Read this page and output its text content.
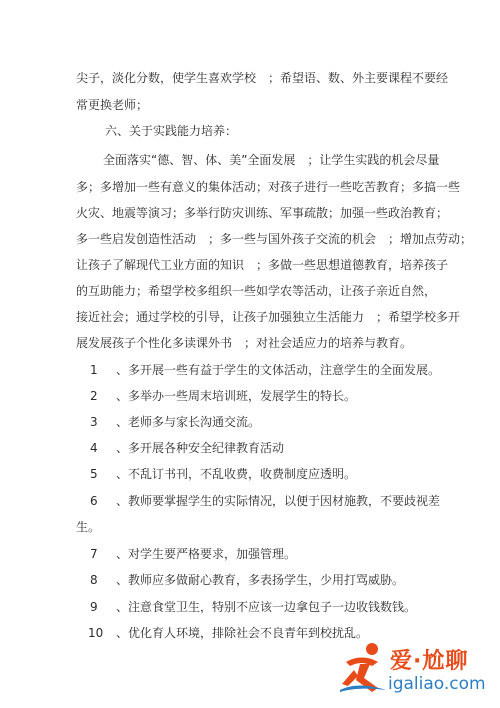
尖子，淡化分数，使学生喜欢学校　；希望语、数、外主要课程不要经
常更换老师；
六、关于实践能力培养：
全面落实“德、智、体、美”全面发展　；让学生实践的机会尽量
多；多增加一些有意义的集体活动；对孩子进行一些吃苦教育；多搞一些
火灾、地震等演习；多举行防灾训练、军事疏散；加强一些政治教育；
多一些启发创造性活动　；多一些与国外孩子交流的机会　；增加点劳动；
让孩子了解现代工业方面的知识　；多做一些思想道德教育，培养孩子
的互助能力；希望学校多组织一些如学农等活动，让孩子亲近自然，
接近社会；通过学校的引导，让孩子加强独立生活能力　；希望学校多开
展发展孩子个性化多读课外书　；对社会适应力的培养与教育。
1	、多开展一些有益于学生的文体活动，注意学生的全面发展。
2	、多举办一些周末培训班，发展学生的特长。
3	、老师多与家长沟通交流。
4	、多开展各种安全纪律教育活动
5	、不乱订书刊，不乱收费，收费制度应透明。
6	、教师要掌握学生的实际情况，以便于因材施教，不要歧视差
生。
7	、对学生要严格要求，加强管理。
8	、教师应多做耐心教育，多表扬学生，少用打骂威胁。
9	、注意食堂卫生，特别不应该一边拿包子一边收钱数钱。
10	、优化育人环境，排除社会不良青年到校扰乱。
爱·尬聊
igaliao.com
